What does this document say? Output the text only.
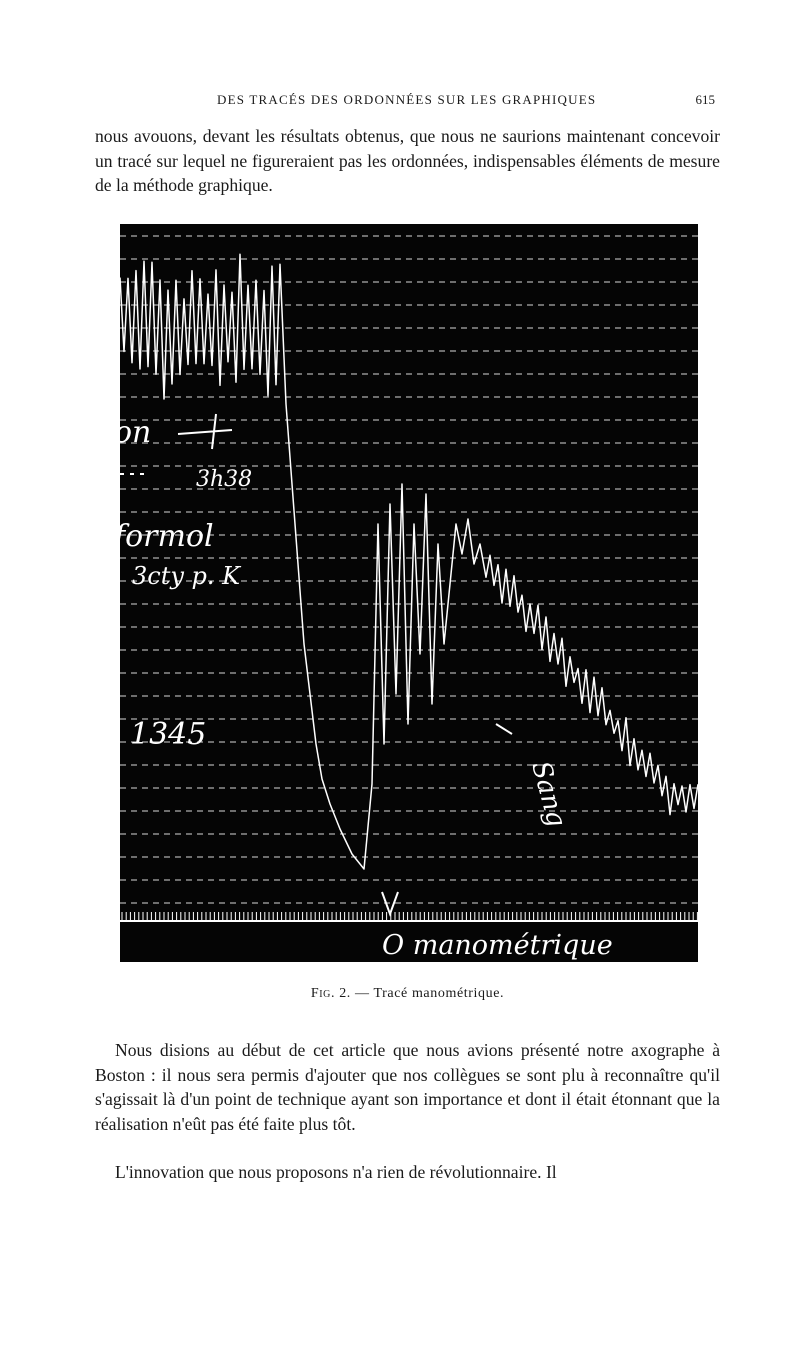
DES TRACÉS DES ORDONNÉES SUR LES GRAPHIQUES	615

nous avouons, devant les résultats obtenus, que nous ne saurions maintenant concevoir un tracé sur lequel ne figureraient pas les ordonnées, indispensables éléments de mesure de la méthode graphique.

on
3h38
formol
3cty p. K
1345
Sang
O manométrique
Fig. 2. — Tracé manométrique.

Nous disions au début de cet article que nous avions présenté notre axographe à Boston : il nous sera permis d'ajouter que nos collègues se sont plu à reconnaître qu'il s'agissait là d'un point de technique ayant son importance et dont il était étonnant que la réalisation n'eût pas été faite plus tôt.

L'innovation que nous proposons n'a rien de révolutionnaire. Il
